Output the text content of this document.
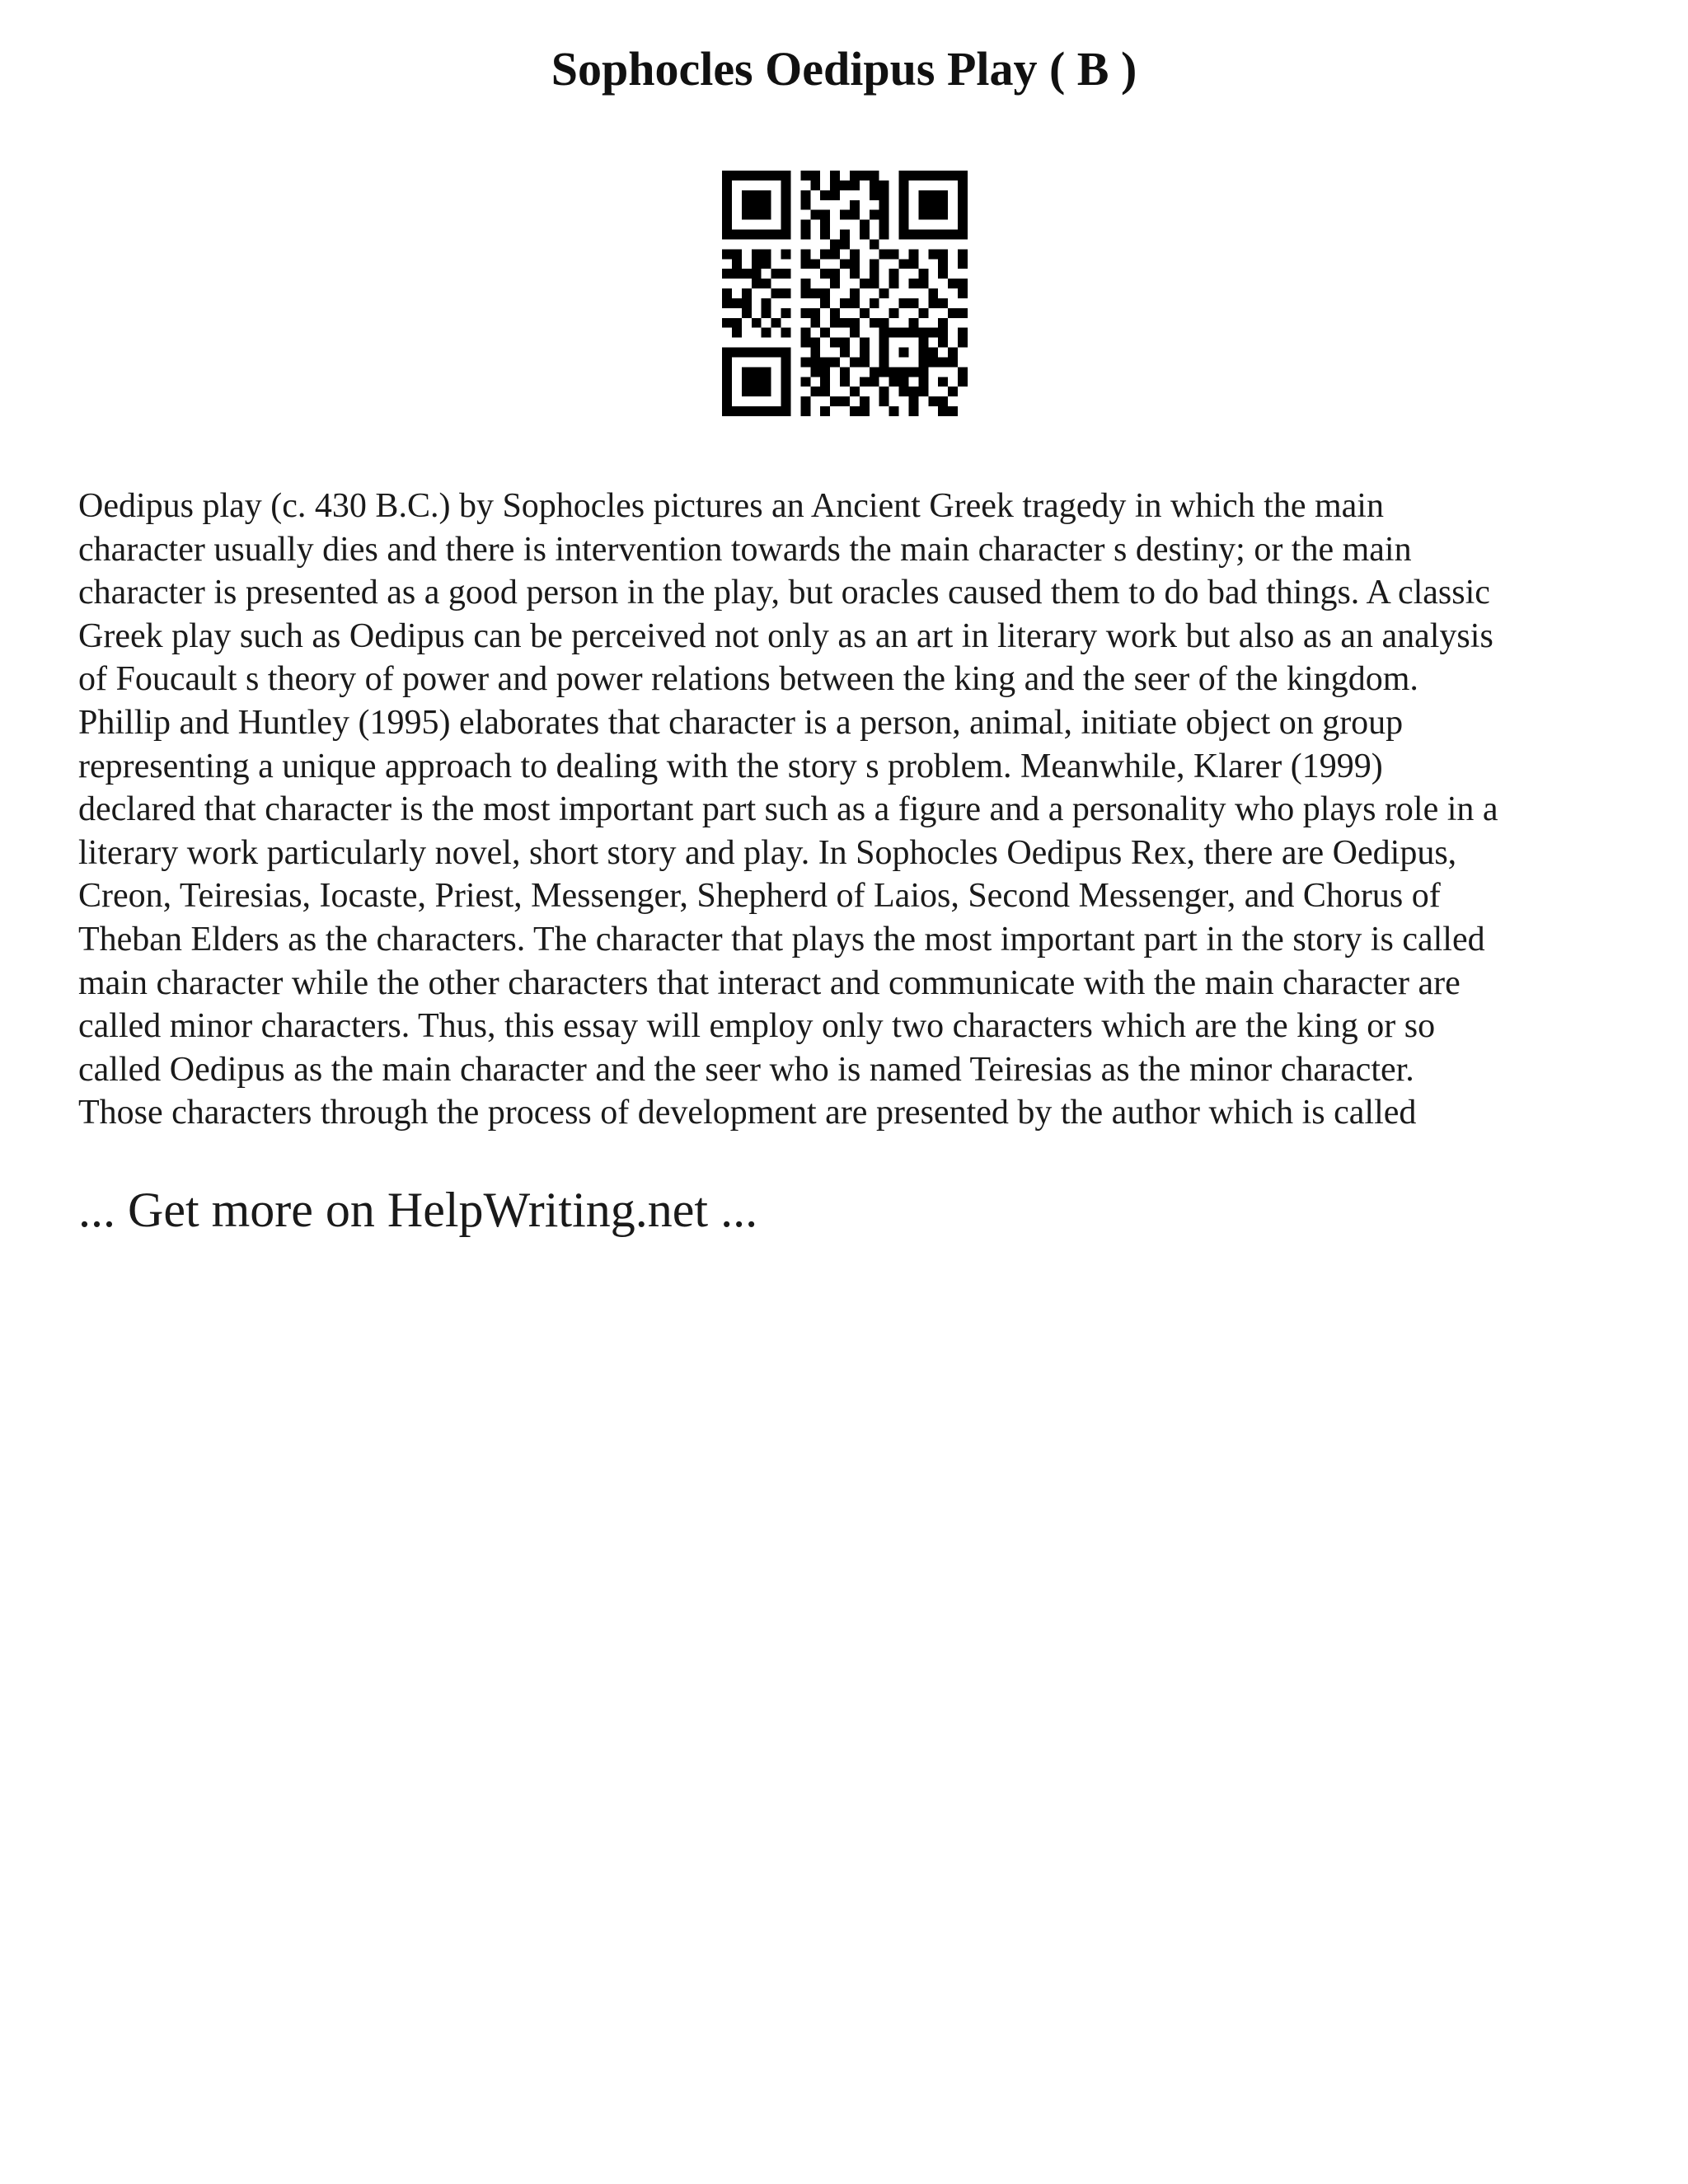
Sophocles Oedipus Play ( B )

Oedipus play (c. 430 B.C.) by Sophocles pictures an Ancient Greek tragedy in which the main
character usually dies and there is intervention towards the main character s destiny; or the main
character is presented as a good person in the play, but oracles caused them to do bad things. A classic
Greek play such as Oedipus can be perceived not only as an art in literary work but also as an analysis
of Foucault s theory of power and power relations between the king and the seer of the kingdom.
Phillip and Huntley (1995) elaborates that character is a person, animal, initiate object on group
representing a unique approach to dealing with the story s problem. Meanwhile, Klarer (1999)
declared that character is the most important part such as a figure and a personality who plays role in a
literary work particularly novel, short story and play. In Sophocles Oedipus Rex, there are Oedipus,
Creon, Teiresias, Iocaste, Priest, Messenger, Shepherd of Laios, Second Messenger, and Chorus of
Theban Elders as the characters. The character that plays the most important part in the story is called
main character while the other characters that interact and communicate with the main character are
called minor characters. Thus, this essay will employ only two characters which are the king or so
called Oedipus as the main character and the seer who is named Teiresias as the minor character.
Those characters through the process of development are presented by the author which is called

... Get more on HelpWriting.net ...
